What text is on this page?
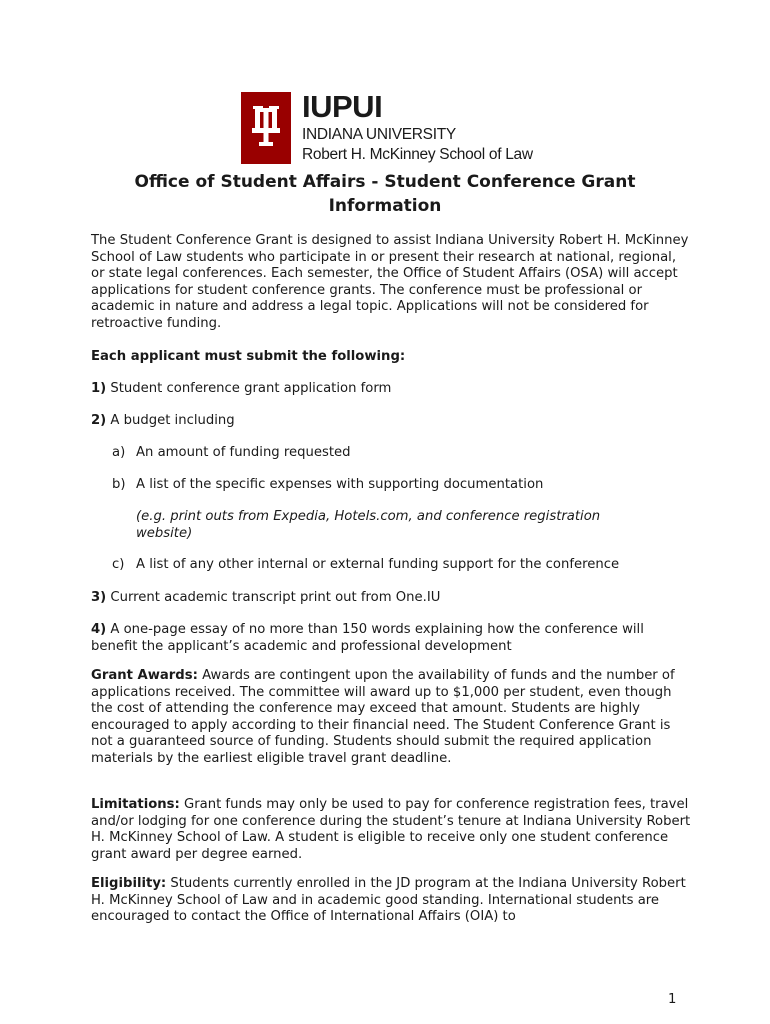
IUPUI
INDIANA UNIVERSITY
Robert H. McKinney School of Law
Office of Student Affairs - Student Conference Grant Information
The Student Conference Grant is designed to assist Indiana University Robert H. McKinney School of Law students who participate in or present their research at national, regional, or state legal conferences. Each semester, the Office of Student Affairs (OSA) will accept applications for student conference grants. The conference must be professional or academic in nature and address a legal topic. Applications will not be considered for retroactive funding.
Each applicant must submit the following:
1) Student conference grant application form
2) A budget including
a) An amount of funding requested
b) A list of the specific expenses with supporting documentation
(e.g. print outs from Expedia, Hotels.com, and conference registration website)
c) A list of any other internal or external funding support for the conference
3) Current academic transcript print out from One.IU
4) A one-page essay of no more than 150 words explaining how the conference will benefit the applicant’s academic and professional development
Grant Awards: Awards are contingent upon the availability of funds and the number of applications received. The committee will award up to $1,000 per student, even though the cost of attending the conference may exceed that amount. Students are highly encouraged to apply according to their financial need. The Student Conference Grant is not a guaranteed source of funding. Students should submit the required application materials by the earliest eligible travel grant deadline.
Limitations: Grant funds may only be used to pay for conference registration fees, travel and/or lodging for one conference during the student’s tenure at Indiana University Robert H. McKinney School of Law. A student is eligible to receive only one student conference grant award per degree earned.
Eligibility: Students currently enrolled in the JD program at the Indiana University Robert H. McKinney School of Law and in academic good standing. International students are encouraged to contact the Office of International Affairs (OIA) to
1
